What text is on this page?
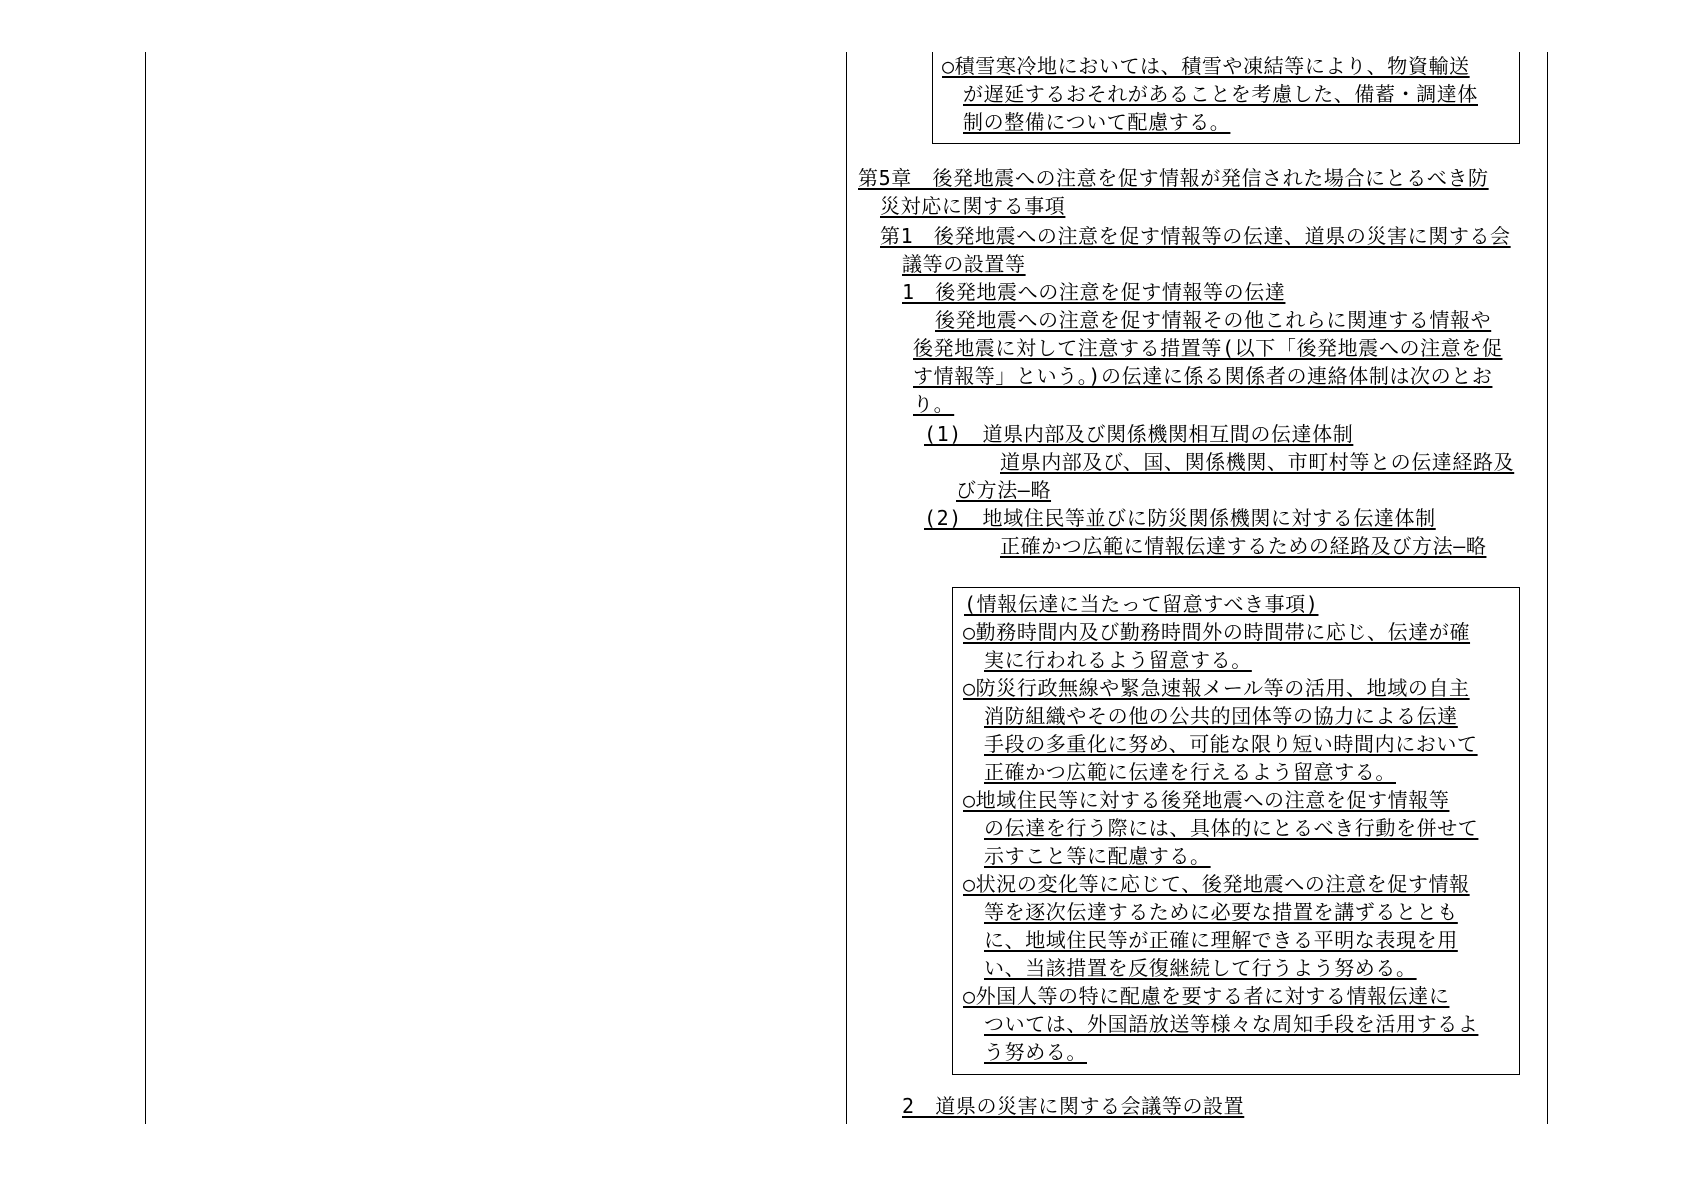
○積雪寒冷地においては、積雪や凍結等により、物資輸送
が遅延するおそれがあることを考慮した、備蓄・調達体
制の整備について配慮する。
第5章　後発地震への注意を促す情報が発信された場合にとるべき防
災対応に関する事項
第1　後発地震への注意を促す情報等の伝達、道県の災害に関する会
議等の設置等
1　後発地震への注意を促す情報等の伝達
後発地震への注意を促す情報その他これらに関連する情報や
後発地震に対して注意する措置等(以下「後発地震への注意を促
す情報等」という。)の伝達に係る関係者の連絡体制は次のとお
り。
(1)　道県内部及び関係機関相互間の伝達体制
道県内部及び、国、関係機関、市町村等との伝達経路及
び方法―略
(2)　地域住民等並びに防災関係機関に対する伝達体制
正確かつ広範に情報伝達するための経路及び方法―略
(情報伝達に当たって留意すべき事項)
○勤務時間内及び勤務時間外の時間帯に応じ、伝達が確
実に行われるよう留意する。
○防災行政無線や緊急速報メール等の活用、地域の自主
消防組織やその他の公共的団体等の協力による伝達
手段の多重化に努め、可能な限り短い時間内において
正確かつ広範に伝達を行えるよう留意する。
○地域住民等に対する後発地震への注意を促す情報等
の伝達を行う際には、具体的にとるべき行動を併せて
示すこと等に配慮する。
○状況の変化等に応じて、後発地震への注意を促す情報
等を逐次伝達するために必要な措置を講ずるととも
に、地域住民等が正確に理解できる平明な表現を用
い、当該措置を反復継続して行うよう努める。
○外国人等の特に配慮を要する者に対する情報伝達に
ついては、外国語放送等様々な周知手段を活用するよ
う努める。
2　道県の災害に関する会議等の設置
